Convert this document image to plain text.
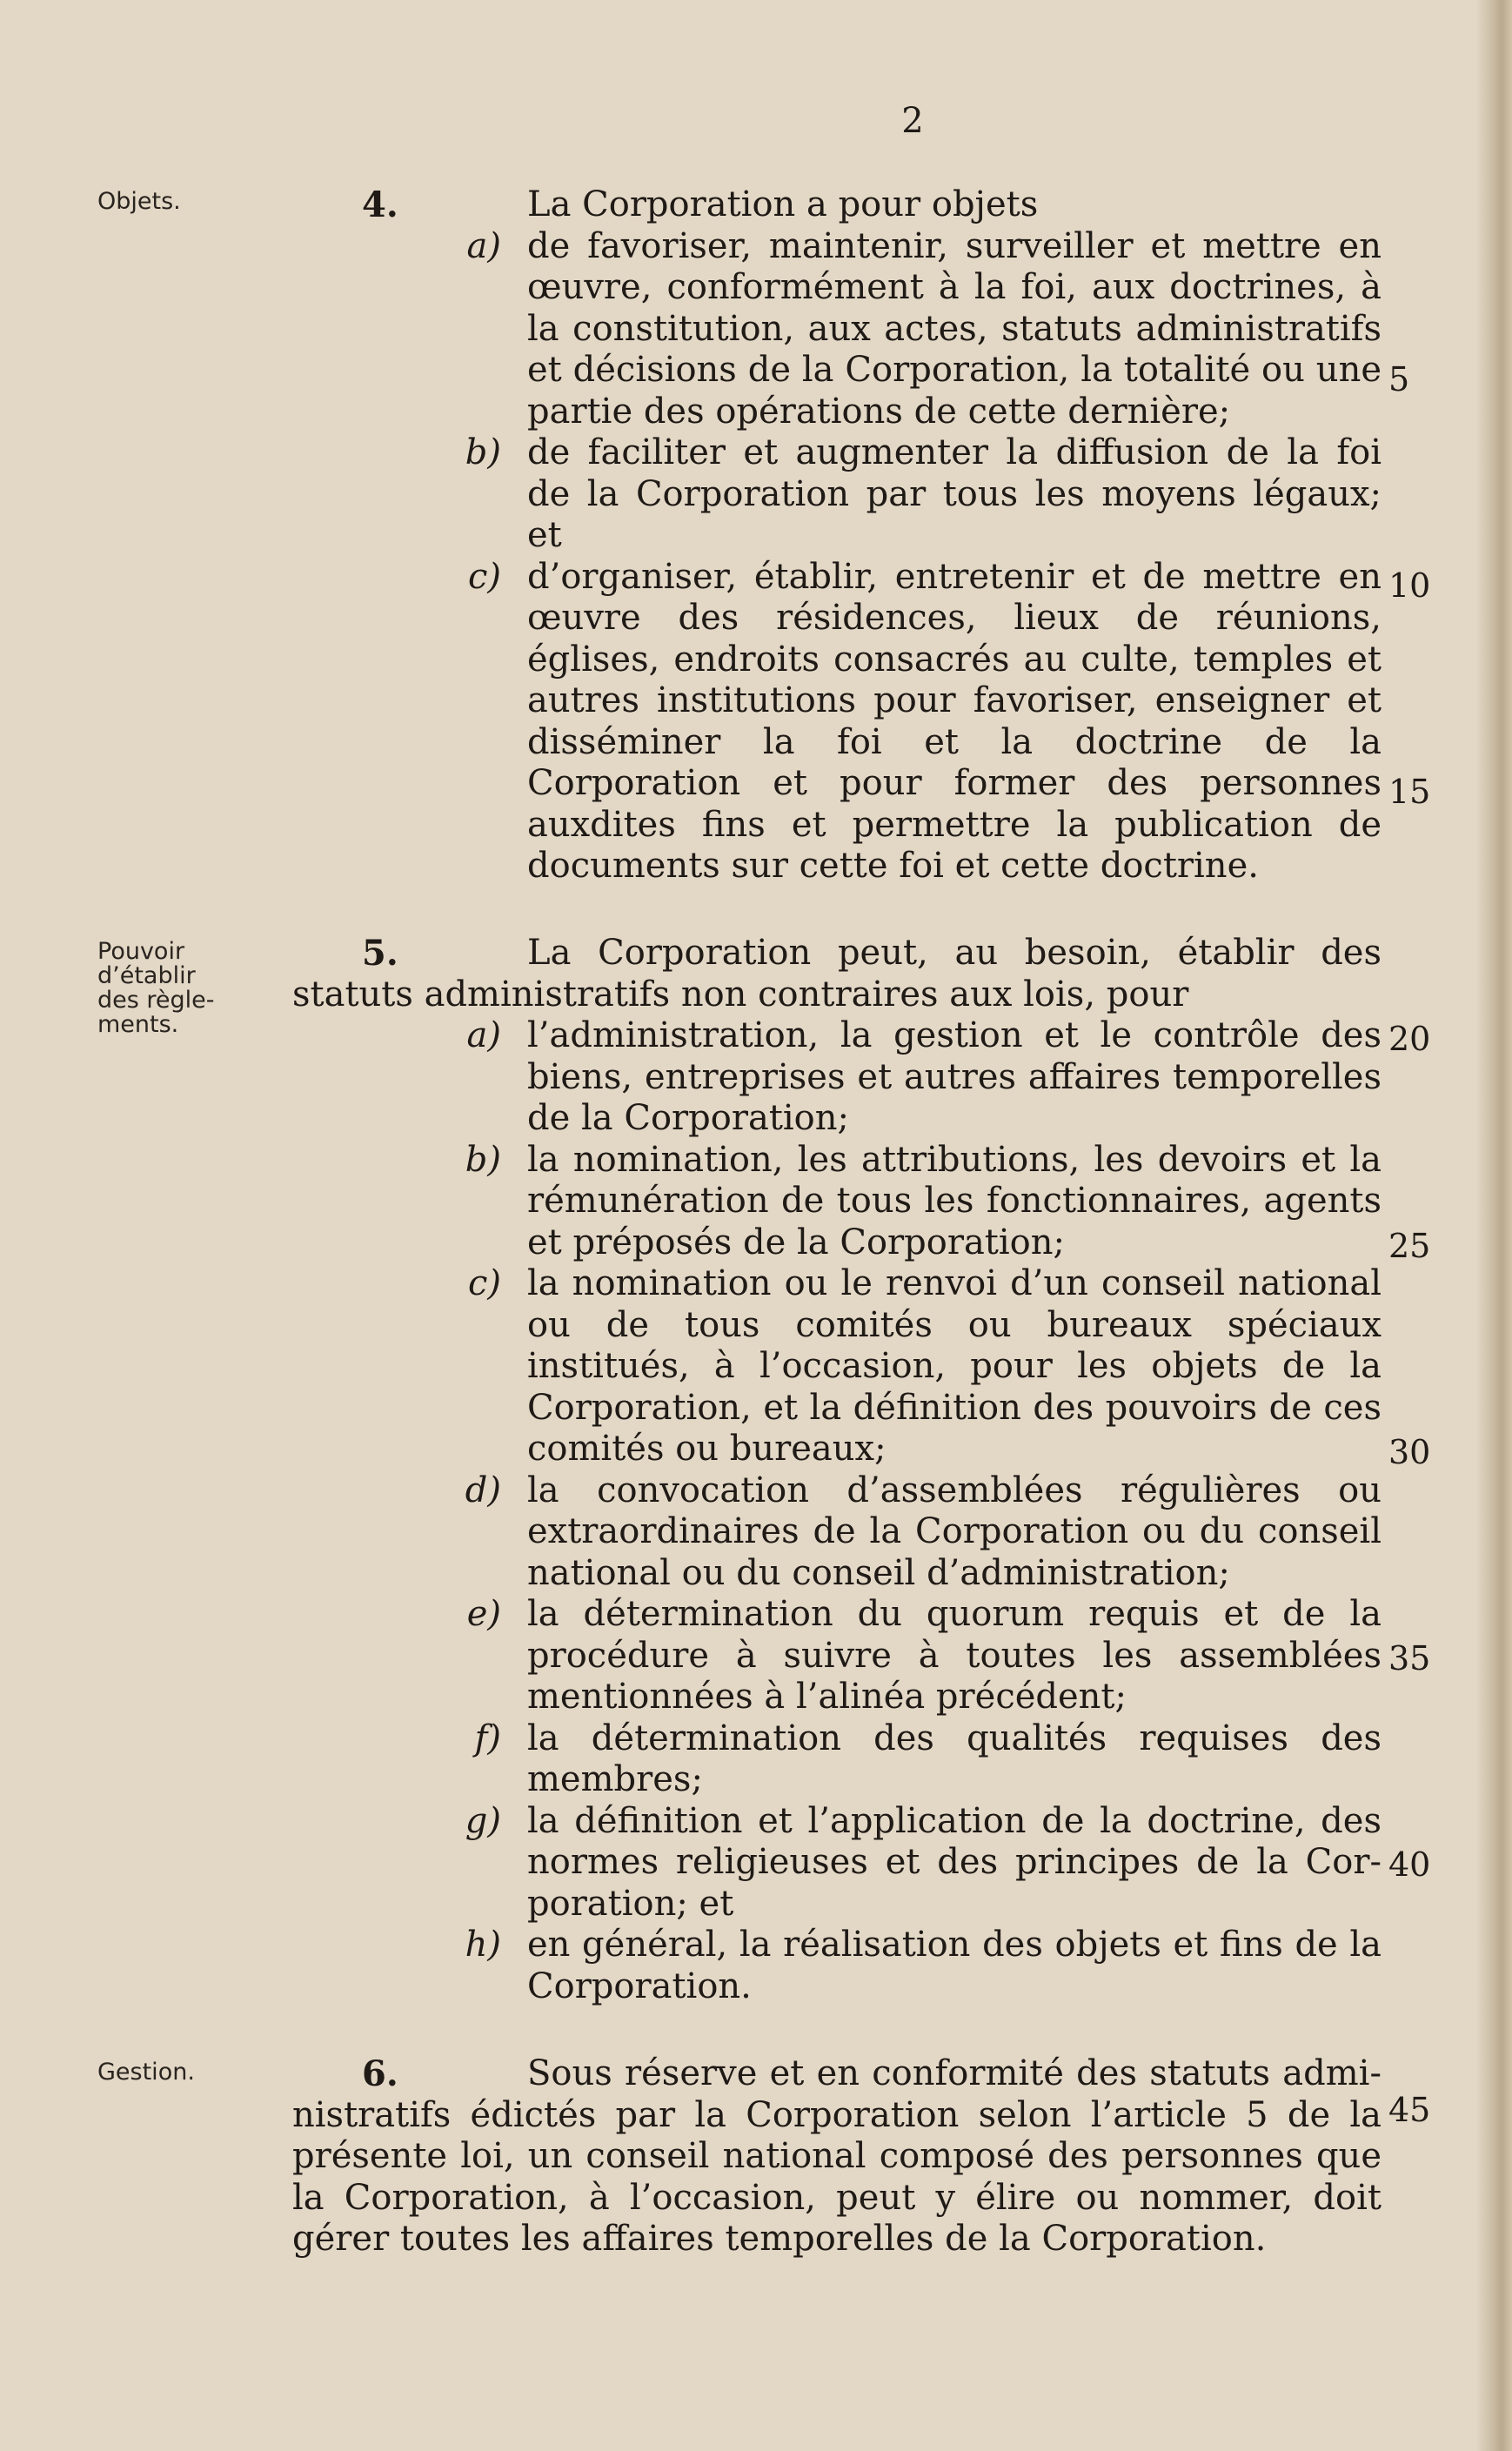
2
Objets.
Pouvoir
d’établir
des règle-
ments.
Gestion.
4.	La Corporation a pour objets
a) de favoriser, maintenir, surveiller et mettre en œuvre, conformément à la foi, aux doctrines, à la constitution, aux actes, statuts administratifs et décisions de la Corporation, la totalité ou une partie des opérations de cette dernière;
b) de faciliter et augmenter la diffusion de la foi de la Corporation par tous les moyens légaux; et
c) d’organiser, établir, entretenir et de mettre en œuvre des résidences, lieux de réunions, églises, endroits consacrés au culte, temples et autres institutions pour favoriser, enseigner et disséminer la foi et la doctrine de la Corporation et pour former des personnes auxdites fins et permettre la publication de documents sur cette foi et cette doctrine.
5.	La Corporation peut, au besoin, établir des statuts administratifs non contraires aux lois, pour
a) l’administration, la gestion et le contrôle des biens, entreprises et autres affaires temporelles de la Corporation;
b) la nomination, les attributions, les devoirs et la rémunération de tous les fonctionnaires, agents et préposés de la Corporation;
c) la nomination ou le renvoi d’un conseil national ou de tous comités ou bureaux spéciaux institués, à l’occasion, pour les objets de la Corporation, et la définition des pouvoirs de ces comités ou bureaux;
d) la convocation d’assemblées régulières ou extraordinaires de la Corporation ou du conseil national ou du conseil d’administration;
e) la détermination du quorum requis et de la procédure à suivre à toutes les assemblées mentionnées à l’alinéa précédent;
f) la détermination des qualités requises des membres;
g) la définition et l’application de la doctrine, des normes religieuses et des principes de la Corporation; et
h) en général, la réalisation des objets et fins de la Corporation.
6.	Sous réserve et en conformité des statuts administratifs édictés par la Corporation selon l’article 5 de la présente loi, un conseil national composé des personnes que la Corporation, à l’occasion, peut y élire ou nommer, doit gérer toutes les affaires temporelles de la Corporation.
5
10
15
20
25
30
35
40
45
